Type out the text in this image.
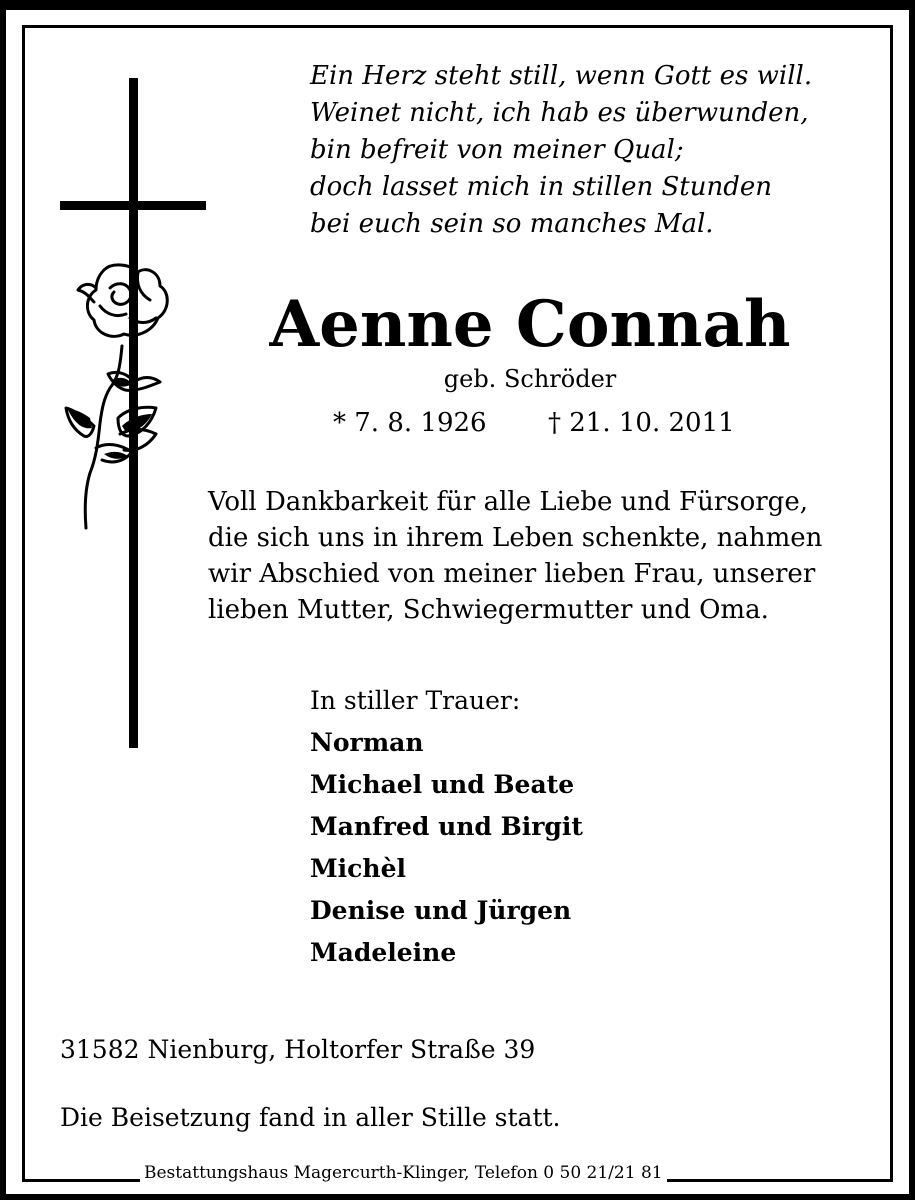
Ein Herz steht still, wenn Gott es will.
Weinet nicht, ich hab es überwunden,
bin befreit von meiner Qual;
doch lasset mich in stillen Stunden
bei euch sein so manches Mal.
Aenne Connah
geb. Schröder
* 7. 8. 1926 † 21. 10. 2011
Voll Dankbarkeit für alle Liebe und Fürsorge,
die sich uns in ihrem Leben schenkte, nahmen
wir Abschied von meiner lieben Frau, unserer
lieben Mutter, Schwiegermutter und Oma.
In stiller Trauer:
Norman
Michael und Beate
Manfred und Birgit
Michèl
Denise und Jürgen
Madeleine
31582 Nienburg, Holtorfer Straße 39
Die Beisetzung fand in aller Stille statt.
Bestattungshaus Magercurth-Klinger, Telefon 0 50 21/21 81
